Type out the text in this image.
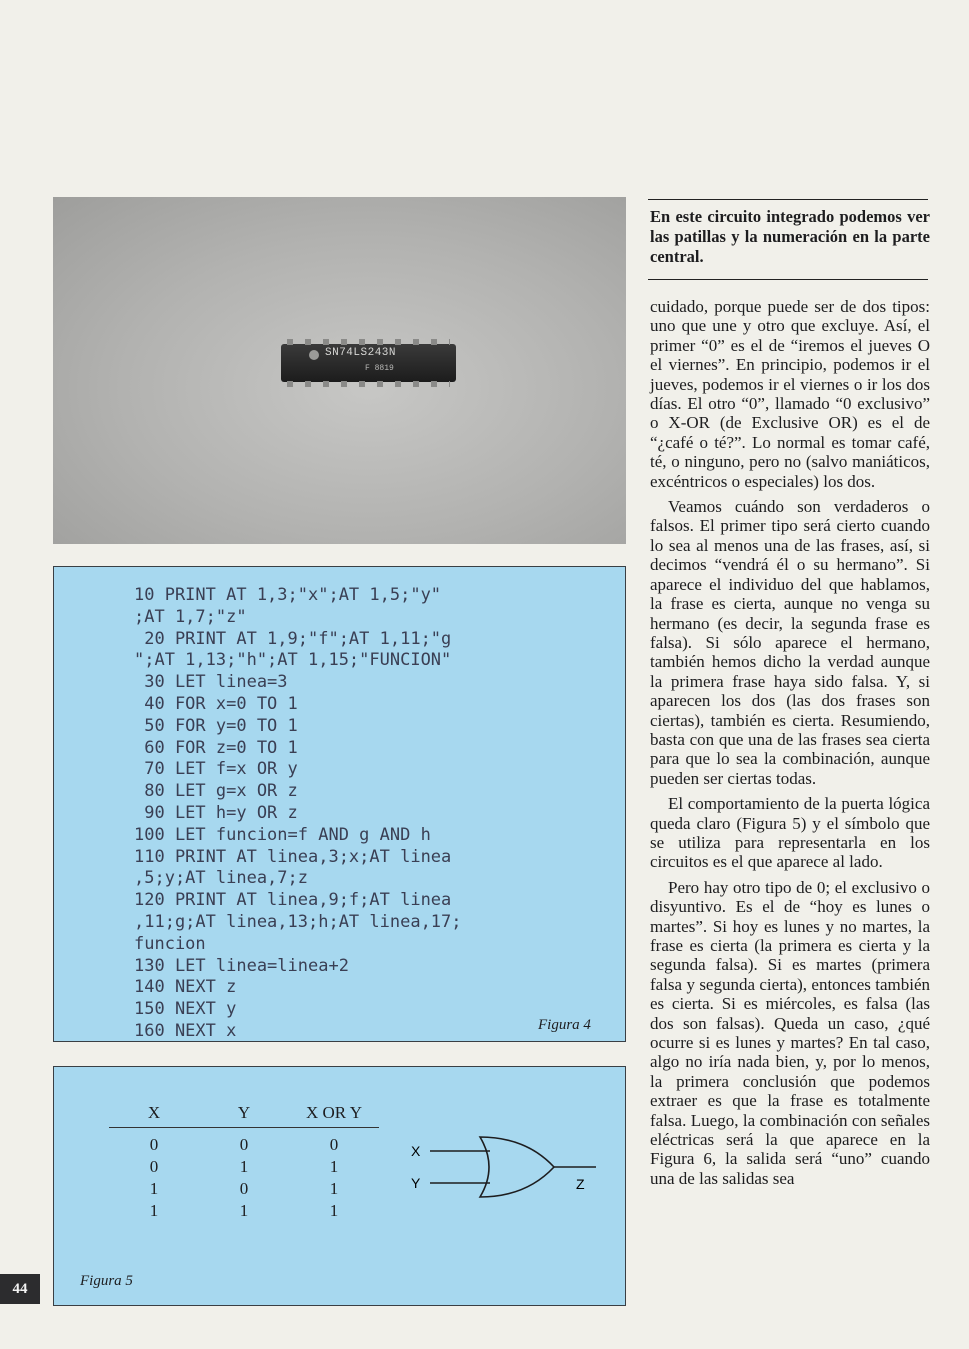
SN74LS243N
F 8819
En este circuito integrado podemos ver las patillas y la numeración en la parte central.
10 PRINT AT 1,3;"x";AT 1,5;"y"
;AT 1,7;"z"
20 PRINT AT 1,9;"f";AT 1,11;"g
";AT 1,13;"h";AT 1,15;"FUNCION"
30 LET linea=3
40 FOR x=0 TO 1
50 FOR y=0 TO 1
60 FOR z=0 TO 1
70 LET f=x OR y
80 LET g=x OR z
90 LET h=y OR z
100 LET funcion=f AND g AND h
110 PRINT AT linea,3;x;AT linea
,5;y;AT linea,7;z
120 PRINT AT linea,9;f;AT linea
,11;g;AT linea,13;h;AT linea,17;
funcion
130 LET linea=linea+2
140 NEXT z
150 NEXT y
160 NEXT x	Figura 4
X	Y	X OR Y
0	0	0
0	1	1
1	0	1
1	1	1
X
Y	Z
Figura 5
44

cuidado, porque puede ser de dos tipos: uno que une y otro que excluye. Así, el primer “0” es el de “iremos el jueves O el viernes”. En principio, podemos ir el jueves, podemos ir el viernes o ir los dos días. El otro “0”, llamado “0 exclusivo” o X-OR (de Exclusive OR) es el de “¿café o té?”. Lo normal es tomar café, té, o ninguno, pero no (salvo maniáticos, excéntricos o especiales) los dos.

Veamos cuándo son verdaderos o falsos. El primer tipo será cierto cuando lo sea al menos una de las frases, así, si decimos “vendrá él o su hermano”. Si aparece el individuo del que hablamos, la frase es cierta, aunque no venga su hermano (es decir, la segunda frase es falsa). Si sólo aparece el hermano, también hemos dicho la verdad aunque la primera frase haya sido falsa. Y, si aparecen los dos (las dos frases son ciertas), también es cierta. Resumiendo, basta con que una de las frases sea cierta para que lo sea la combinación, aunque pueden ser ciertas todas.

El comportamiento de la puerta lógica queda claro (Figura 5) y el símbolo que se utiliza para representarla en los circuitos es el que aparece al lado.

Pero hay otro tipo de 0; el exclusivo o disyuntivo. Es el de “hoy es lunes o martes”. Si hoy es lunes y no martes, la frase es cierta (la primera es cierta y la segunda falsa). Si es martes (primera falsa y segunda cierta), entonces también es cierta. Si es miércoles, es falsa (las dos son falsas). Queda un caso, ¿qué ocurre si es lunes y martes? En tal caso, algo no iría nada bien, y, por lo menos, la primera conclusión que podemos extraer es que la frase es totalmente falsa. Luego, la combinación con señales eléctricas será la que aparece en la Figura 6, la salida será “uno” cuando una de las salidas sea
